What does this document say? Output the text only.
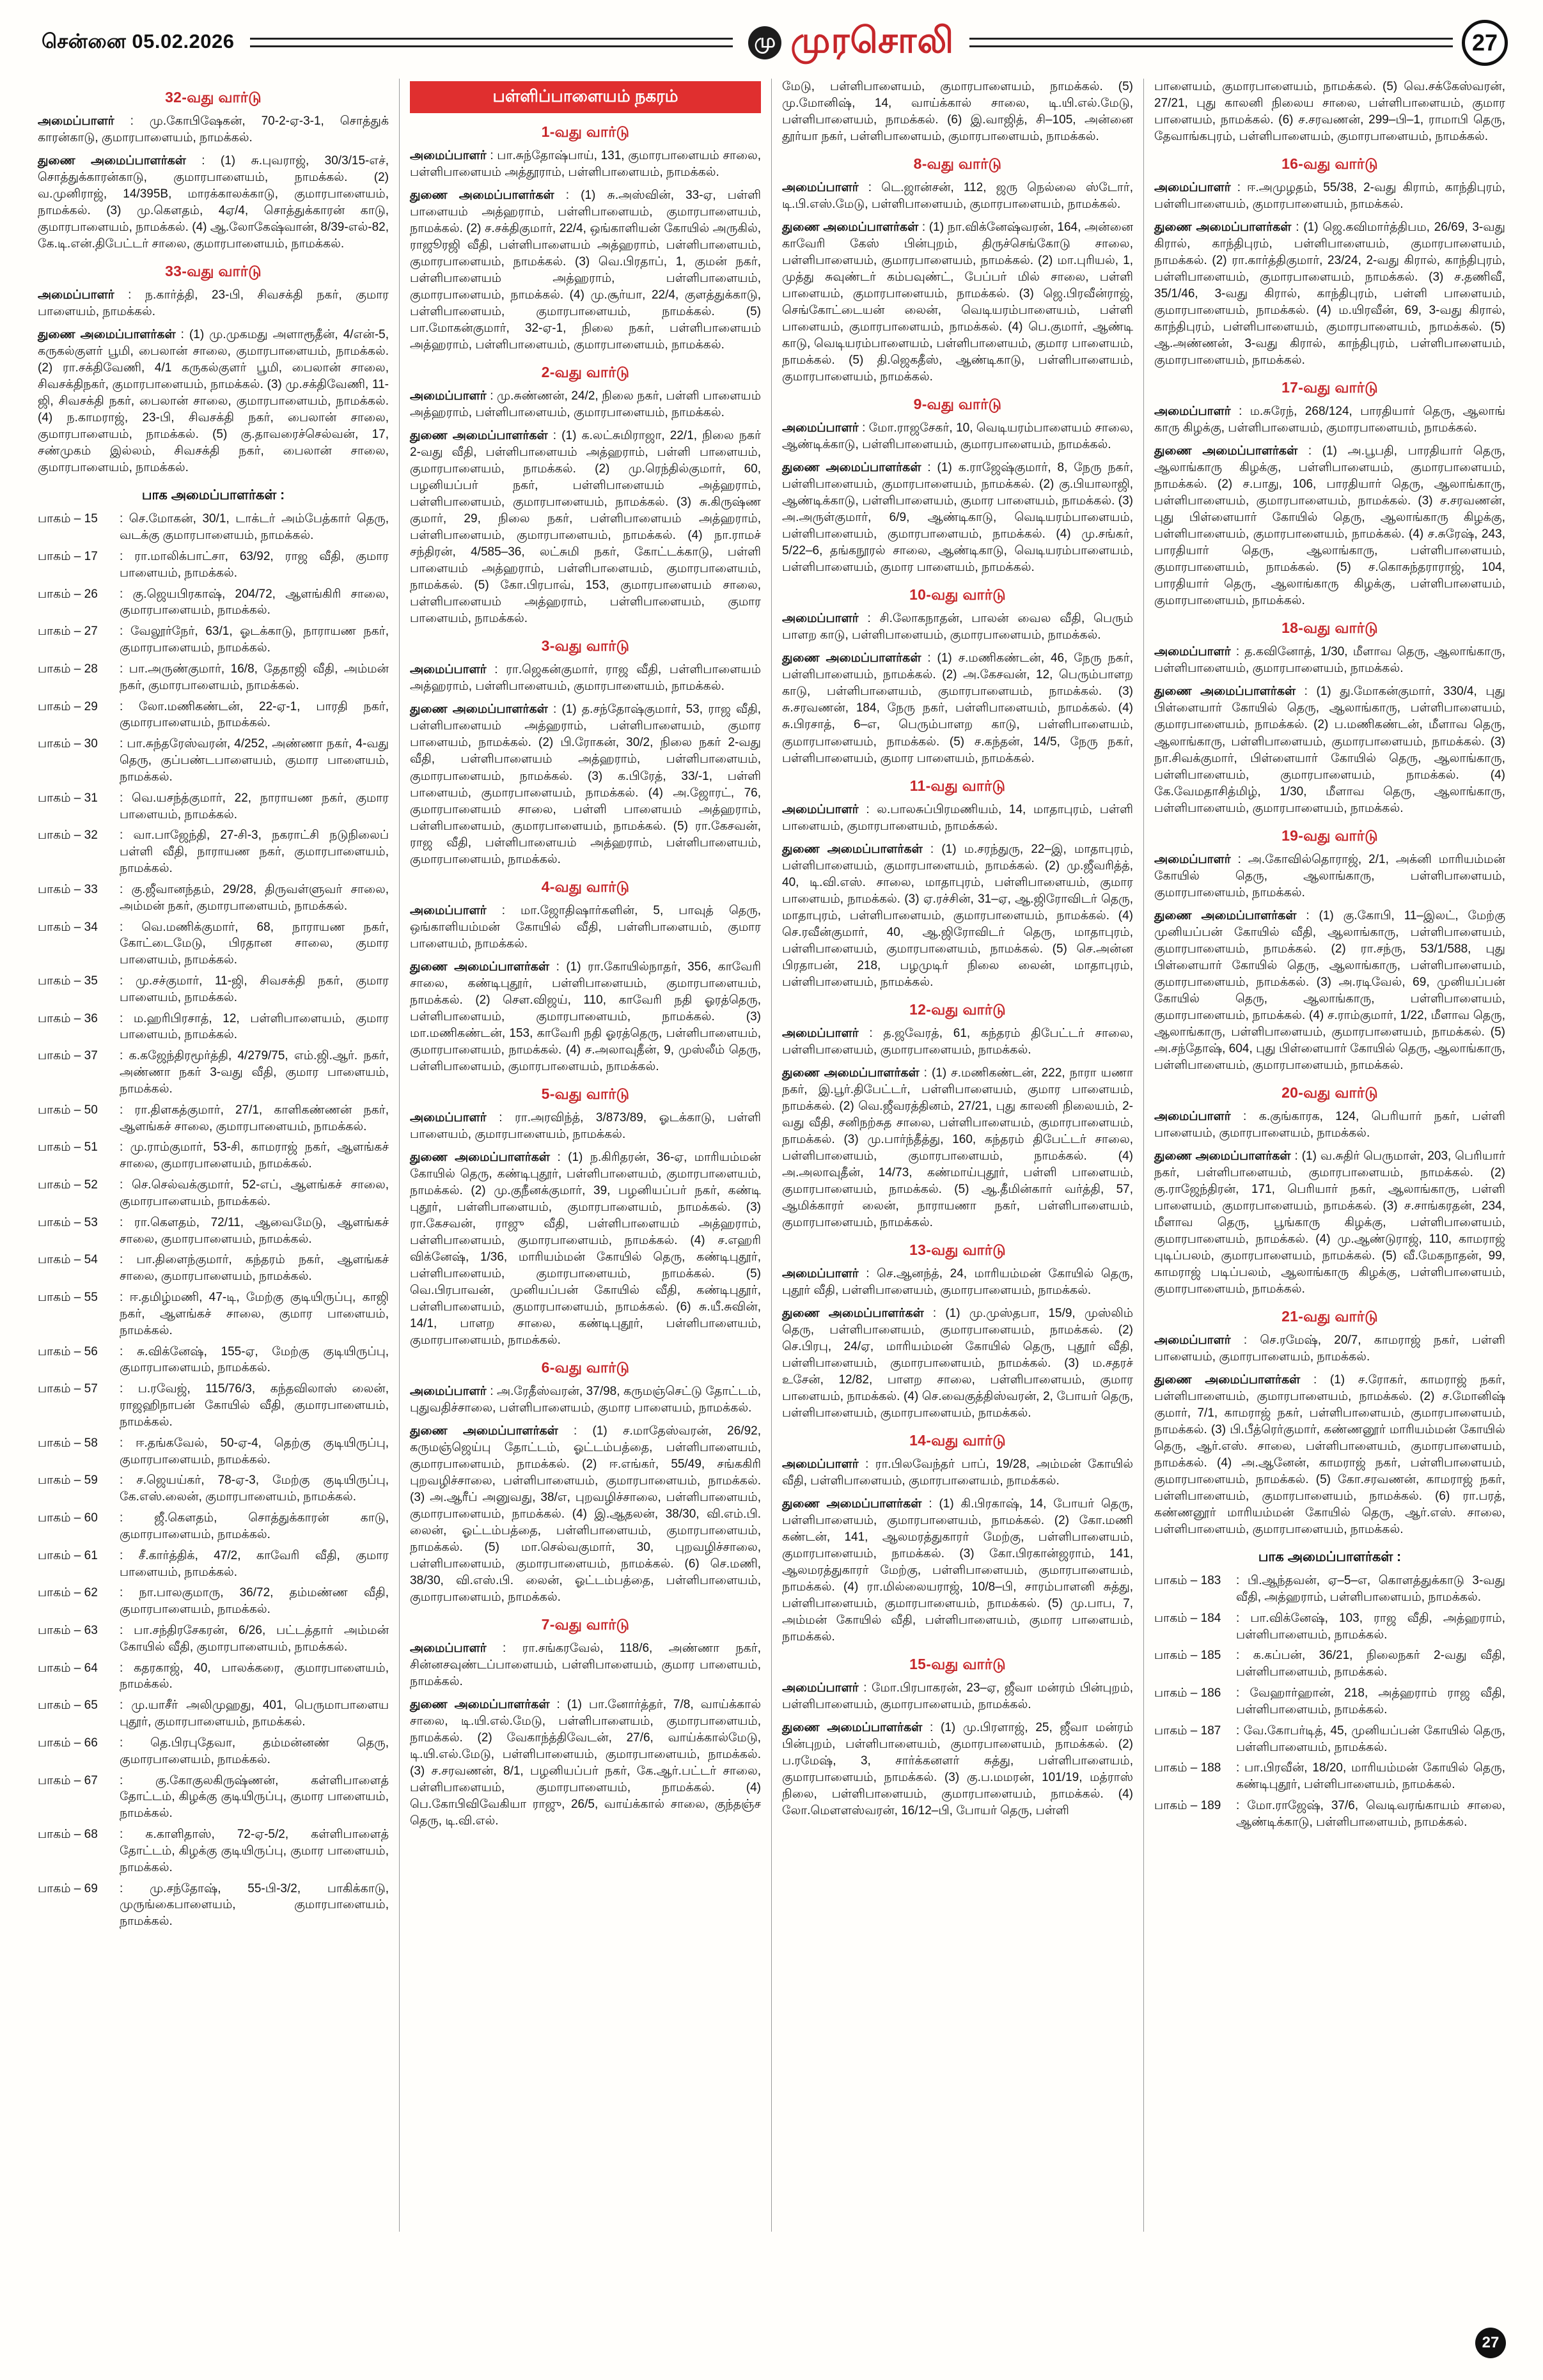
சென்னை 05.02.2026	மு முரசொலி	27
32-வது வார்டு

அமைப்பாளர் : மு.கோபிஷேகன், 70-2-ஏ-3-1, சொத்துக் காரன்காடு, குமாரபாளையம், நாமக்கல்.

துணை அமைப்பாளர்கள் : (1) சு.புவராஜ், 30/3/15-எச், சொத்துக்காரன்காடு, குமாரபாளையம், நாமக்கல். (2) வ.முனிராஜ், 14/395B, மாரக்காலக்காடு, குமாரபாளையம், நாமக்கல். (3) மு.கௌதம், 4ஏ/4, சொத்துக்காரன் காடு, குமாரபாளையம், நாமக்கல். (4) ஆ.லோகேஷ்வான், 8/39-எல்-82, கே.டி.என்.திபேட்டர் சாலை, குமாரபாளையம், நாமக்கல்.

33-வது வார்டு

அமைப்பாளர் : ந.கார்த்தி, 23-பி, சிவசக்தி நகர், குமார பாளையம், நாமக்கல்.

துணை அமைப்பாளர்கள் : (1) மு.முகமது அளாரூதீன், 4/என்-5, கருகல்குளர் பூமி, பைலான் சாலை, குமாரபாளையம், நாமக்கல். (2) ரா.சக்திவேணி, 4/1 கருகல்குளர் பூமி, பைலான் சாலை, சிவசக்திநகர், குமாரபாளையம், நாமக்கல். (3) மு.சக்திவேணி, 11-ஜி, சிவசக்தி நகர், பைலான் சாலை, குமாரபாளையம், நாமக்கல். (4) ந.காமராஜ், 23-பி, சிவசக்தி நகர், பைலான் சாலை, குமாரபாளையம், நாமக்கல். (5) கு.தாவரைச்செல்வன், 17, சண்முகம் இல்லம், சிவசக்தி நகர், பைலான் சாலை, குமாரபாளையம், நாமக்கல்.

பாக அமைப்பாளர்கள் :
பாகம் – 15	: செ.மோகன், 30/1, டாக்டர் அம்பேத்கார் தெரு, வடக்கு குமாரபாளையம், நாமக்கல்.
பாகம் – 17	: ரா.மாலிக்பாட்சா, 63/92, ராஜ வீதி, குமார பாளையம், நாமக்கல்.
பாகம் – 26	: கு.ஜெயபிரகாஷ், 204/72, ஆளங்கிரி சாலை, குமாரபாளையம், நாமக்கல்.
பாகம் – 27	: வேலூர்நேர், 63/1, ஓடக்காடு, நாராயண நகர், குமாரபாளையம், நாமக்கல்.
பாகம் – 28	: பா.அருண்குமார், 16/8, தேதாஜி வீதி, அம்மன் நகர், குமாரபாளையம், நாமக்கல்.
பாகம் – 29	: லோ.மணிகண்டன், 22-ஏ-1, பாரதி நகர், குமாரபாளையம், நாமக்கல்.
பாகம் – 30	: பா.சுந்தரேஸ்வரன், 4/252, அண்ணா நகர், 4-வது தெரு, குப்பண்டபாளையம், குமார பாளையம், நாமக்கல்.
பாகம் – 31	: வெ.யசந்த்குமார், 22, நாராயண நகர், குமார பாளையம், நாமக்கல்.
பாகம் – 32	: வா.பாஜேந்தி, 27-சி-3, நகராட்சி நடுநிலைப் பள்ளி வீதி, நாராயண நகர், குமாரபாளையம், நாமக்கல்.
பாகம் – 33	: கு.ஜீவானந்தம், 29/28, திருவள்ளுவர் சாலை, அம்மன் நகர், குமாரபாளையம், நாமக்கல்.
பாகம் – 34	: வெ.மணிக்குமார், 68, நாராயண நகர், கோட்டைமேடு, பிரதான சாலை, குமார பாளையம், நாமக்கல்.
பாகம் – 35	: மு.சச்குமார், 11-ஜி, சிவசக்தி நகர், குமார பாளையம், நாமக்கல்.
பாகம் – 36	: ம.ஹரிபிரசாத், 12, பள்ளிபாளையம், குமார பாளையம், நாமக்கல்.
பாகம் – 37	: க.கஜேந்திரமூர்த்தி, 4/279/75, எம்.ஜி.ஆர். நகர், அண்ணா நகர் 3-வது வீதி, குமார பாளையம், நாமக்கல்.
பாகம் – 50	: ரா.திளகத்குமார், 27/1, காளிகண்ணன் நகர், ஆளங்கச் சாலை, குமாரபாளையம், நாமக்கல்.
பாகம் – 51	: மு.ராம்குமார், 53-சி, காமராஜ் நகர், ஆளங்கச் சாலை, குமாரபாளையம், நாமக்கல்.
பாகம் – 52	: செ.செல்வக்குமார், 52-எப், ஆளங்கச் சாலை, குமாரபாளையம், நாமக்கல்.
பாகம் – 53	: ரா.கௌதம், 72/11, ஆவைமேடு, ஆளங்கச் சாலை, குமாரபாளையம், நாமக்கல்.
பாகம் – 54	: பா.திளைந்குமார், கந்தரம் நகர், ஆளங்கச் சாலை, குமாரபாளையம், நாமக்கல்.
பாகம் – 55	: ஈ.தமிழ்மணி, 47-டி, மேற்கு குடியிருப்பு, காஜி நகர், ஆளங்கச் சாலை, குமார பாளையம், நாமக்கல்.
பாகம் – 56	: சு.விக்னேஷ், 155-ஏ, மேற்கு குடியிருப்பு, குமாரபாளையம், நாமக்கல்.
பாகம் – 57	: ப.ரவேஜ், 115/76/3, கந்தவிலாஸ் லைன், ராஜஹிநாபன் கோயில் வீதி, குமாரபாளையம், நாமக்கல்.
பாகம் – 58	: ஈ.தங்கவேல், 50-ஏ-4, தெற்கு குடியிருப்பு, குமாரபாளையம், நாமக்கல்.
பாகம் – 59	: ச.ஜெயய்கர், 78-ஏ-3, மேற்கு குடியிருப்பு, கே.எஸ்.லைன், குமாரபாளையம், நாமக்கல்.
பாகம் – 60	: ஜீ.கௌதம், சொத்துக்காரன் காடு, குமாரபாளையம், நாமக்கல்.
பாகம் – 61	: சீ.கார்த்திக், 47/2, காவேரி வீதி, குமார பாளையம், நாமக்கல்.
பாகம் – 62	: நா.பாலகுமாரு, 36/72, தம்மண்ண வீதி, குமாரபாளையம், நாமக்கல்.
பாகம் – 63	: பா.சந்திரசேகரன், 6/26, பட்டத்தார் அம்மன் கோயில் வீதி, குமாரபாளையம், நாமக்கல்.
பாகம் – 64	: கதரகாஜ், 40, பாலக்கரை, குமாரபாளையம், நாமக்கல்.
பாகம் – 65	: மு.யாசீர் அலிமுஹது, 401, பெருமாபாளைய புதூர், குமாரபாளையம், நாமக்கல்.
பாகம் – 66	: தெ.பிரபுதேவா, தம்மன்னண் தெரு, குமாரபாளையம், நாமக்கல்.
பாகம் – 67	: கு.கோகுலகிருஷ்ணன், கள்ளிபாளைத் தோட்டம், கிழக்கு குடியிருப்பு, குமார பாளையம், நாமக்கல்.
பாகம் – 68	: க.காளிதாஸ், 72-ஏ-5/2, கள்ளிபாளைத் தோட்டம், கிழக்கு குடியிருப்பு, குமார பாளையம், நாமக்கல்.
பாகம் – 69	: மு.சந்தோஷ், 55-பி-3/2, பாகிக்காடு, முருங்கைபாளையம், குமாரபாளையம், நாமக்கல்.
பள்ளிப்பாளையம் நகரம்
1-வது வார்டு

அமைப்பாளர் : பா.சுந்தோஷ்பாய், 131, குமாரபாளையம் சாலை, பள்ளிபாளையம் அத்தூராம், பள்ளிபாளையம், நாமக்கல்.

துணை அமைப்பாளர்கள் : (1) சு.அஸ்வின், 33-ஏ, பள்ளி பாளையம் அத்ஹராம், பள்ளிபாளையம், குமாரபாளையம், நாமக்கல். (2) ச.சக்திகுமார், 22/4, ஒங்காளியன் கோயில் அருகில், ராஜூரஜி வீதி, பள்ளிபாளையம் அத்ஹராம், பள்ளிபாளையம், குமாரபாளையம், நாமக்கல். (3) வெ.பிரதாப், 1, குமன் நகர், பள்ளிபாளையம் அத்ஹராம், பள்ளிபாளையம், குமாரபாளையம், நாமக்கல். (4) மு.சூர்யா, 22/4, குளத்துக்காடு, பள்ளிபாளையம், குமாரபாளையம், நாமக்கல். (5) பா.மோகன்குமார், 32-ஏ-1, நிலை நகர், பள்ளிபாளையம் அத்ஹராம், பள்ளிபாளையம், குமாரபாளையம், நாமக்கல்.

2-வது வார்டு

அமைப்பாளர் : மு.சுண்ணன், 24/2, நிலை நகர், பள்ளி பாளையம் அத்ஹராம், பள்ளிபாளையம், குமாரபாளையம், நாமக்கல்.

துணை அமைப்பாளர்கள் : (1) க.லட்சுமிராஜா, 22/1, நிலை நகர் 2-வது வீதி, பள்ளிபாளையம் அத்ஹராம், பள்ளி பாளையம், குமாரபாளையம், நாமக்கல். (2) மு.ரெந்தில்குமார், 60, பழனியப்பர் நகர், பள்ளிபாளையம் அத்ஹராம், பள்ளிபாளையம், குமாரபாளையம், நாமக்கல். (3) சு.கிருஷ்ண குமார், 29, நிலை நகர், பள்ளிபாளையம் அத்ஹராம், பள்ளிபாளையம், குமாரபாளையம், நாமக்கல். (4) நா.ராமச் சந்திரன், 4/585–36, லட்சுமி நகர், கோட்டக்காடு, பள்ளி பாளையம் அத்ஹராம், பள்ளிபாளையம், குமாரபாளையம், நாமக்கல். (5) கோ.பிரபாவ், 153, குமாரபாளையம் சாலை, பள்ளிபாளையம் அத்ஹராம், பள்ளிபாளையம், குமார பாளையம், நாமக்கல்.

3-வது வார்டு

அமைப்பாளர் : ரா.ஜெகன்குமார், ராஜ வீதி, பள்ளிபாளையம் அத்ஹராம், பள்ளிபாளையம், குமாரபாளையம், நாமக்கல்.

துணை அமைப்பாளர்கள் : (1) த.சந்தோஷ்குமார், 53, ராஜ வீதி, பள்ளிபாளையம் அத்ஹராம், பள்ளிபாளையம், குமார பாளையம், நாமக்கல். (2) பி.ரோகன், 30/2, நிலை நகர் 2-வது வீதி, பள்ளிபாளையம் அத்ஹராம், பள்ளிபாளையம், குமாரபாளையம், நாமக்கல். (3) க.பிரேத், 33/-1, பள்ளி பாளையம், குமாரபாளையம், நாமக்கல். (4) அ.ஜோரட், 76, குமாரபாளையம் சாலை, பள்ளி பாளையம் அத்ஹராம், பள்ளிபாளையம், குமாரபாளையம், நாமக்கல். (5) ரா.கேசவன், ராஜ வீதி, பள்ளிபாளையம் அத்ஹராம், பள்ளிபாளையம், குமாரபாளையம், நாமக்கல்.

4-வது வார்டு

அமைப்பாளர் : மா.ஜோதிஷார்களின், 5, பாவுத் தெரு, ஒங்காளியம்மன் கோயில் வீதி, பள்ளிபாளையம், குமார பாளையம், நாமக்கல்.

துணை அமைப்பாளர்கள் : (1) ரா.கோயில்நாதர், 356, காவேரி சாலை, கண்டிபுதூர், பள்ளிபாளையம், குமாரபாளையம், நாமக்கல். (2) சௌ.விஜய், 110, காவேரி நதி ஓரத்தெரு, பள்ளிபாளையம், குமாரபாளையம், நாமக்கல். (3) மா.மணிகண்டன், 153, காவேரி நதி ஓரத்தெரு, பள்ளிபாளையம், குமாரபாளையம், நாமக்கல். (4) ச.அலாவுதீன், 9, முஸ்லீம் தெரு, பள்ளிபாளையம், குமாரபாளையம், நாமக்கல்.

5-வது வார்டு

அமைப்பாளர் : ரா.அரவிந்த், 3/873/89, ஓடக்காடு, பள்ளி பாளையம், குமாரபாளையம், நாமக்கல்.

துணை அமைப்பாளர்கள் : (1) ந.கிரிதரன், 36-ஏ, மாரியம்மன் கோயில் தெரு, கண்டிபுதூர், பள்ளிபாளையம், குமாரபாளையம், நாமக்கல். (2) மு.குநீனக்குமார், 39, பழனியப்பர் நகர், கண்டி புதூர், பள்ளிபாளையம், குமாரபாளையம், நாமக்கல். (3) ரா.கேசவன், ராஜு வீதி, பள்ளிபாளையம் அத்ஹராம், பள்ளிபாளையம், குமாரபாளையம், நாமக்கல். (4) ச.எஹரி விக்னேஷ், 1/36, மாரியம்மன் கோயில் தெரு, கண்டிபுதூர், பள்ளிபாளையம், குமாரபாளையம், நாமக்கல். (5) வெ.பிரபாவன், முனியப்பன் கோயில் வீதி, கண்டிபுதூர், பள்ளிபாளையம், குமாரபாளையம், நாமக்கல். (6) சு.யீ.சுவின், 14/1, பாளற சாலை, கண்டிபுதூர், பள்ளிபாளையம், குமாரபாளையம், நாமக்கல்.

6-வது வார்டு

அமைப்பாளர் : அ.ரேதீஸ்வரன், 37/98, கருமஞ்செட்டு தோட்டம், புதுவதிச்சாலை, பள்ளிபாளையம், குமார பாளையம், நாமக்கல்.

துணை அமைப்பாளர்கள் : (1) ச.மாதேஸ்வரன், 26/92, கருமஞ்ஜெய்பு தோட்டம், ஓட்டம்பத்தை, பள்ளிபாளையம், குமாரபாளையம், நாமக்கல். (2) ஈ.எங்கர், 55/49, சங்ககிரி புறவழிச்சாலை, பள்ளிபாளையம், குமாரபாளையம், நாமக்கல். (3) அ.ஆரீப் அனுவது, 38/எ, புறவழிச்சாலை, பள்ளிபாளையம், குமாரபாளையம், நாமக்கல். (4) இ.ஆதலன், 38/30, வி.எம்.பி. லைன், ஓட்டம்பத்தை, பள்ளிபாளையம், குமாரபாளையம், நாமக்கல். (5) மா.செல்வகுமார், 30, புறவழிச்சாலை, பள்ளிபாளையம், குமாரபாளையம், நாமக்கல். (6) செ.மணி, 38/30, வி.எஸ்.பி. லைன், ஓட்டம்பத்தை, பள்ளிபாளையம், குமாரபாளையம், நாமக்கல்.

7-வது வார்டு

அமைப்பாளர் : ரா.சங்கரவேல், 118/6, அண்ணா நகர், சின்னசவுண்டப்பாளையம், பள்ளிபாளையம், குமார பாளையம், நாமக்கல்.

துணை அமைப்பாளர்கள் : (1) பா.னோர்த்தர், 7/8, வாய்க்கால் சாலை, டி.யி.எல்.மேடு, பள்ளிபாளையம், குமாரபாளையம், நாமக்கல். (2) வேகாந்த்திவேடன், 27/6, வாய்க்கால்மேடு, டி.யி.எல்.மேடு, பள்ளிபாளையம், குமாரபாளையம், நாமக்கல். (3) ச.சரவணன், 8/1, பழனியப்பர் நகர், கே.ஆர்.பட்டர் சாலை, பள்ளிபாளையம், குமாரபாளையம், நாமக்கல். (4) பெ.கோபிவிவேகியா ராஜு, 26/5, வாய்க்கால் சாலை, குந்தஞ்ச தெரு, டி.வி.எல்.

மேடு, பள்ளிபாளையம், குமாரபாளையம், நாமக்கல். (5) மு.மோனிஷ், 14, வாய்க்கால் சாலை, டி.யி.எல்.மேடு, பள்ளிபாளையம், நாமக்கல். (6) இ.வாஜித், சி–105, அன்னை தூர்யா நகர், பள்ளிபாளையம், குமாரபாளையம், நாமக்கல்.

8-வது வார்டு

அமைப்பாளர் : டெ.ஜான்சன், 112, ஜரு நெல்லை ஸ்டோர், டி.பி.எஸ்.மேடு, பள்ளிபாளையம், குமாரபாளையம், நாமக்கல்.

துணை அமைப்பாளர்கள் : (1) நா.விக்னேஷ்வரன், 164, அன்னை காவேரி கேஸ் பின்புறம், திருச்செங்கோடு சாலை, பள்ளிபாளையம், குமாரபாளையம், நாமக்கல். (2) மா.புரியல், 1, முத்து சுவுண்டர் கம்பவுண்ட், பேப்பர் மில் சாலை, பள்ளி பாளையம், குமாரபாளையம், நாமக்கல். (3) ஜெ.பிரவீன்ராஜ், செங்கோட்டையன் லைன், வெடியரம்பாளையம், பள்ளி பாளையம், குமாரபாளையம், நாமக்கல். (4) பெ.குமார், ஆண்டி காடு, வெடியரம்பாளையம், பள்ளிபாளையம், குமார பாளையம், நாமக்கல். (5) தி.ஜெகதீஸ், ஆண்டிகாடு, பள்ளிபாளையம், குமாரபாளையம், நாமக்கல்.

9-வது வார்டு

அமைப்பாளர் : மோ.ராஜசேகர், 10, வெடியரம்பாளையம் சாலை, ஆண்டிக்காடு, பள்ளிபாளையம், குமாரபாளையம், நாமக்கல்.

துணை அமைப்பாளர்கள் : (1) க.ராஜேஷ்குமார், 8, நேரு நகர், பள்ளிபாளையம், குமாரபாளையம், நாமக்கல். (2) கு.பியாலாஜி, ஆண்டிக்காடு, பள்ளிபாளையம், குமார பாளையம், நாமக்கல். (3) அ.அருள்குமார், 6/9, ஆண்டிகாடு, வெடியரம்பாளையம், பள்ளிபாளையம், குமாரபாளையம், நாமக்கல். (4) மு.சங்கர், 5/22–6, தங்கநூரல் சாலை, ஆண்டிகாடு, வெடியரம்பாளையம், பள்ளிபாளையம், குமார பாளையம், நாமக்கல்.

10-வது வார்டு

அமைப்பாளர் : சி.லோகநாதன், பாலன் வைல வீதி, பெரும் பாளற காடு, பள்ளிபாளையம், குமாரபாளையம், நாமக்கல்.

துணை அமைப்பாளர்கள் : (1) ச.மணிகண்டன், 46, நேரு நகர், பள்ளிபாளையம், நாமக்கல். (2) அ.கேசவன், 12, பெரும்பாளற காடு, பள்ளிபாளையம், குமாரபாளையம், நாமக்கல். (3) சு.சரவணன், 184, நேரு நகர், பள்ளிபாளையம், நாமக்கல். (4) சு.பிரசாத், 6–எ, பெரும்பாளற காடு, பள்ளிபாளையம், குமாரபாளையம், நாமக்கல். (5) ச.கந்தன், 14/5, நேரு நகர், பள்ளிபாளையம், குமார பாளையம், நாமக்கல்.

11-வது வார்டு

அமைப்பாளர் : ல.பாலசுப்பிரமணியம், 14, மாதாபுரம், பள்ளி பாளையம், குமாரபாளையம், நாமக்கல்.

துணை அமைப்பாளர்கள் : (1) ம.சரந்துரு, 22–இ, மாதாபுரம், பள்ளிபாளையம், குமாரபாளையம், நாமக்கல். (2) மு.ஜீவரித்த், 40, டி.வி.எஸ். சாலை, மாதாபுரம், பள்ளிபாளையம், குமார பாளையம், நாமக்கல். (3) ஏ.ரச்சின், 31–ஏ, ஆ.ஜிரோவிடர் தெரு, மாதாபுரம், பள்ளிபாளையம், குமாரபாளையம், நாமக்கல். (4) செ.ரவீன்குமார், 40, ஆ.ஜிரோவிடர் தெரு, மாதாபுரம், பள்ளிபாளையம், குமாரபாளையம், நாமக்கல். (5) செ.அன்ன பிரதாபன், 218, பழமுடிர் நிலை லைன், மாதாபுரம், பள்ளிபாளையம், நாமக்கல்.

12-வது வார்டு

அமைப்பாளர் : த.ஜவேரத், 61, கந்தரம் திபேட்டர் சாலை, பள்ளிபாளையம், குமாரபாளையம், நாமக்கல்.

துணை அமைப்பாளர்கள் : (1) ச.மணிகண்டன், 222, நாரா யணா நகர், இ.பூர்.திபேட்டர், பள்ளிபாளையம், குமார பாளையம், நாமக்கல். (2) வெ.ஜீவரத்தினம், 27/21, புது காலனி நிலையம், 2-வது வீதி, சனிநற்சுத சாலை, பள்ளிபாளையம், குமாரபாளையம், நாமக்கல். (3) மு.பார்ந்தீத்து, 160, கந்தரம் திபேட்டர் சாலை, பள்ளிபாளையம், குமாரபாளையம், நாமக்கல். (4) அ.அலாவுதீன், 14/73, கண்மாய்புதூர், பள்ளி பாளையம், குமாரபாளையம், நாமக்கல். (5) ஆ.தீமின்கார் வர்த்தி, 57, ஆமிக்காரர் லைன், நாராயணா நகர், பள்ளிபாளையம், குமாரபாளையம், நாமக்கல்.

13-வது வார்டு

அமைப்பாளர் : செ.ஆனந்த், 24, மாரியம்மன் கோயில் தெரு, புதூர் வீதி, பள்ளிபாளையம், குமாரபாளையம், நாமக்கல்.

துணை அமைப்பாளர்கள் : (1) மு.முஸ்தபா, 15/9, முஸ்லிம் தெரு, பள்ளிபாளையம், குமாரபாளையம், நாமக்கல். (2) செ.பிரபு, 24/ஏ, மாரியம்மன் கோயில் தெரு, புதூர் வீதி, பள்ளிபாளையம், குமாரபாளையம், நாமக்கல். (3) ம.சதரச் உசேன், 12/82, பாளற சாலை, பள்ளிபாளையம், குமார பாளையம், நாமக்கல். (4) செ.வைகுத்திஸ்வரன், 2, போயர் தெரு, பள்ளிபாளையம், குமாரபாளையம், நாமக்கல்.

14-வது வார்டு

அமைப்பாளர் : ரா.பிலவேந்தர் பாப், 19/28, அம்மன் கோயில் வீதி, பள்ளிபாளையம், குமாரபாளையம், நாமக்கல்.

துணை அமைப்பாளர்கள் : (1) கி.பிரகாஷ், 14, போயர் தெரு, பள்ளிபாளையம், குமாரபாளையம், நாமக்கல். (2) கோ.மணி கண்டன், 141, ஆலமரத்துகாரர் மேற்கு, பள்ளிபாளையம், குமாரபாளையம், நாமக்கல். (3) கோ.பிரகான்ஜராம், 141, ஆலமரத்துகாரர் மேற்கு, பள்ளிபாளையம், குமாரபாளையம், நாமக்கல். (4) ரா.மில்லையராஜ், 10/8–பி, சாரம்பாளனி சுத்து, பள்ளிபாளையம், குமாரபாளையம், நாமக்கல். (5) மு.பாப, 7, அம்மன் கோயில் வீதி, பள்ளிபாளையம், குமார பாளையம், நாமக்கல்.

15-வது வார்டு

அமைப்பாளர் : மோ.பிரபாகரன், 23–ஏ, ஜீவா மன்ரம் பின்புறம், பள்ளிபாளையம், குமாரபாளையம், நாமக்கல்.

துணை அமைப்பாளர்கள் : (1) மு.பிரளாஜ், 25, ஜீவா மன்ரம் பின்புறம், பள்ளிபாளையம், குமாரபாளையம், நாமக்கல். (2) ப.ரமேஷ், 3, சார்க்கனளர் சுத்து, பள்ளிபாளையம், குமாரபாளையம், நாமக்கல். (3) கு.ப.மமரன், 101/19, மத்ராஸ் நிலை, பள்ளிபாளையம், குமாரபாளையம், நாமக்கல். (4) லோ.மௌளஸ்வரன், 16/12–பி, போயர் தெரு, பள்ளி

பாளையம், குமாரபாளையம், நாமக்கல். (5) வெ.சக்கேஸ்வரன், 27/21, புது காலனி நிலைய சாலை, பள்ளிபாளையம், குமார பாளையம், நாமக்கல். (6) ச.சரவணன், 299–பி–1, ராமாபி தெரு, தேவாங்கபுரம், பள்ளிபாளையம், குமாரபாளையம், நாமக்கல்.

16-வது வார்டு

அமைப்பாளர் : ஈ.அமுழதம், 55/38, 2-வது கிராம், காந்திபுரம், பள்ளிபாளையம், குமாரபாளையம், நாமக்கல்.

துணை அமைப்பாளர்கள் : (1) ஜெ.கவிமார்த்திபம, 26/69, 3-வது கிரால், காந்திபுரம், பள்ளிபாளையம், குமாரபாளையம், நாமக்கல். (2) ரா.கார்த்திகுமார், 23/24, 2-வது கிரால், காந்திபுரம், பள்ளிபாளையம், குமாரபாளையம், நாமக்கல். (3) ச.தணிவீ, 35/1/46, 3-வது கிரால், காந்திபுரம், பள்ளி பாளையம், குமாரபாளையம், நாமக்கல். (4) ம.யிரவீன், 69, 3-வது கிரால், காந்திபுரம், பள்ளிபாளையம், குமாரபாளையம், நாமக்கல். (5) ஆ.அண்ணன், 3-வது கிரால், காந்திபுரம், பள்ளிபாளையம், குமாரபாளையம், நாமக்கல்.

17-வது வார்டு

அமைப்பாளர் : ம.சுரேந், 268/124, பாரதியார் தெரு, ஆலாங் காரு கிழக்கு, பள்ளிபாளையம், குமாரபாளையம், நாமக்கல்.

துணை அமைப்பாளர்கள் : (1) அ.பூபதி, பாரதியார் தெரு, ஆலாங்காரு கிழக்கு, பள்ளிபாளையம், குமாரபாளையம், நாமக்கல். (2) ச.பாது, 106, பாரதியார் தெரு, ஆலாங்காரு, பள்ளிபாளையம், குமாரபாளையம், நாமக்கல். (3) ச.சரவணன், புது பிள்ளையார் கோயில் தெரு, ஆலாங்காரு கிழக்கு, பள்ளிபாளையம், குமாரபாளையம், நாமக்கல். (4) ச.சுரேஷ், 243, பாரதியார் தெரு, ஆலாங்காரு, பள்ளிபாளையம், குமாரபாளையம், நாமக்கல். (5) ச.கொசுந்தராராஜ், 104, பாரதியார் தெரு, ஆலாங்காரு கிழக்கு, பள்ளிபாளையம், குமாரபாளையம், நாமக்கல்.

18-வது வார்டு

அமைப்பாளர் : த.கவினோத், 1/30, மீளாவ தெரு, ஆலாங்காரு, பள்ளிபாளையம், குமாரபாளையம், நாமக்கல்.

துணை அமைப்பாளர்கள் : (1) து.மோகன்குமார், 330/4, புது பிள்ளையார் கோயில் தெரு, ஆலாங்காரு, பள்ளிபாளையம், குமாரபாளையம், நாமக்கல். (2) ப.மணிகண்டன், மீளாவ தெரு, ஆலாங்காரு, பள்ளிபாளையம், குமாரபாளையம், நாமக்கல். (3) நா.சிவக்குமார், பிள்ளையார் கோயில் தெரு, ஆலாங்காரு, பள்ளிபாளையம், குமாரபாளையம், நாமக்கல். (4) கே.வேமதாசித்மிழ், 1/30, மீளாவ தெரு, ஆலாங்காரு, பள்ளிபாளையம், குமாரபாளையம், நாமக்கல்.

19-வது வார்டு

அமைப்பாளர் : அ.கோவில்தொராஜ், 2/1, அக்னி மாரியம்மன் கோயில் தெரு, ஆலாங்காரு, பள்ளிபாளையம், குமாரபாளையம், நாமக்கல்.

துணை அமைப்பாளர்கள் : (1) கு.கோபி, 11–இலட், மேற்கு முனியப்பன் கோயில் வீதி, ஆலாங்காரு, பள்ளிபாளையம், குமாரபாளையம், நாமக்கல். (2) ரா.சந்ரு, 53/1/588, புது பிள்ளையார் கோயில் தெரு, ஆலாங்காரு, பள்ளிபாளையம், குமாரபாளையம், நாமக்கல். (3) அ.ரடிவேல், 69, முனியப்பன் கோயில் தெரு, ஆலாங்காரு, பள்ளிபாளையம், குமாரபாளையம், நாமக்கல். (4) ச.ராம்குமார், 1/22, மீளாவ தெரு, ஆலாங்காரு, பள்ளிபாளையம், குமாரபாளையம், நாமக்கல். (5) அ.சந்தோஷ், 604, புது பிள்ளையார் கோயில் தெரு, ஆலாங்காரு, பள்ளிபாளையம், குமாரபாளையம், நாமக்கல்.

20-வது வார்டு

அமைப்பாளர் : க.குங்காரக, 124, பெரியார் நகர், பள்ளி பாளையம், குமாரபாளையம், நாமக்கல்.

துணை அமைப்பாளர்கள் : (1) வ.சுதிர் பெருமாள், 203, பெரியார் நகர், பள்ளிபாளையம், குமாரபாளையம், நாமக்கல். (2) கு.ராஜேந்திரன், 171, பெரியார் நகர், ஆலாங்காரு, பள்ளி பாளையம், குமாரபாளையம், நாமக்கல். (3) ச.சாங்கரதன், 234, மீளாவ தெரு, பூங்காரு கிழக்கு, பள்ளிபாளையம், குமாரபாளையம், நாமக்கல். (4) மு.ஆண்டுராஜ், 110, காமராஜ் புடிப்பலம், குமாரபாளையம், நாமக்கல். (5) வீ.மேகநாதன், 99, காமராஜ் படிப்பலம், ஆலாங்காரு கிழக்கு, பள்ளிபாளையம், குமாரபாளையம், நாமக்கல்.

21-வது வார்டு

அமைப்பாளர் : செ.ரமேஷ், 20/7, காமராஜ் நகர், பள்ளி பாளையம், குமாரபாளையம், நாமக்கல்.

துணை அமைப்பாளர்கள் : (1) ச.ரோகர், காமராஜ் நகர், பள்ளிபாளையம், குமாரபாளையம், நாமக்கல். (2) ச.மோனிஷ் குமார், 7/1, காமராஜ் நகர், பள்ளிபாளையம், குமாரபாளையம், நாமக்கல். (3) பி.பீத்ரெர்குமார், கண்ணனூர் மாரியம்மன் கோயில் தெரு, ஆர்.எஸ். சாலை, பள்ளிபாளையம், குமாரபாளையம், நாமக்கல். (4) அ.ஆனேன், காமராஜ் நகர், பள்ளிபாளையம், குமாரபாளையம், நாமக்கல். (5) கோ.சரவணன், காமராஜ் நகர், பள்ளிபாளையம், குமாரபாளையம், நாமக்கல். (6) ரா.பரத், கண்ணனூர் மாரியம்மன் கோயில் தெரு, ஆர்.எஸ். சாலை, பள்ளிபாளையம், குமாரபாளையம், நாமக்கல்.

பாக அமைப்பாளர்கள் :
பாகம் – 183	: பி.ஆந்தவன், ஏ–5–எ, கொளத்துக்காடு 3-வது வீதி, அத்ஹராம், பள்ளிபாளையம், நாமக்கல்.
பாகம் – 184	: பா.விக்னேஷ், 103, ராஜ வீதி, அத்ஹராம், பள்ளிபாளையம், நாமக்கல்.
பாகம் – 185	: க.கப்பன், 36/21, நிலைநகர் 2-வது வீதி, பள்ளிபாளையம், நாமக்கல்.
பாகம் – 186	: வேஹார்ஹான், 218, அத்ஹராம் ராஜ வீதி, பள்ளிபாளையம், நாமக்கல்.
பாகம் – 187	: வே.கோபர்டித், 45, முனியப்பன் கோயில் தெரு, பள்ளிபாளையம், நாமக்கல்.
பாகம் – 188	: பா.பிரவீன், 18/20, மாரியம்மன் கோயில் தெரு, கண்டிபுதூர், பள்ளிபாளையம், நாமக்கல்.
பாகம் – 189	: மோ.ராஜேஷ், 37/6, வெடிவரங்காயம் சாலை, ஆண்டிக்காடு, பள்ளிபாளையம், நாமக்கல்.
27
